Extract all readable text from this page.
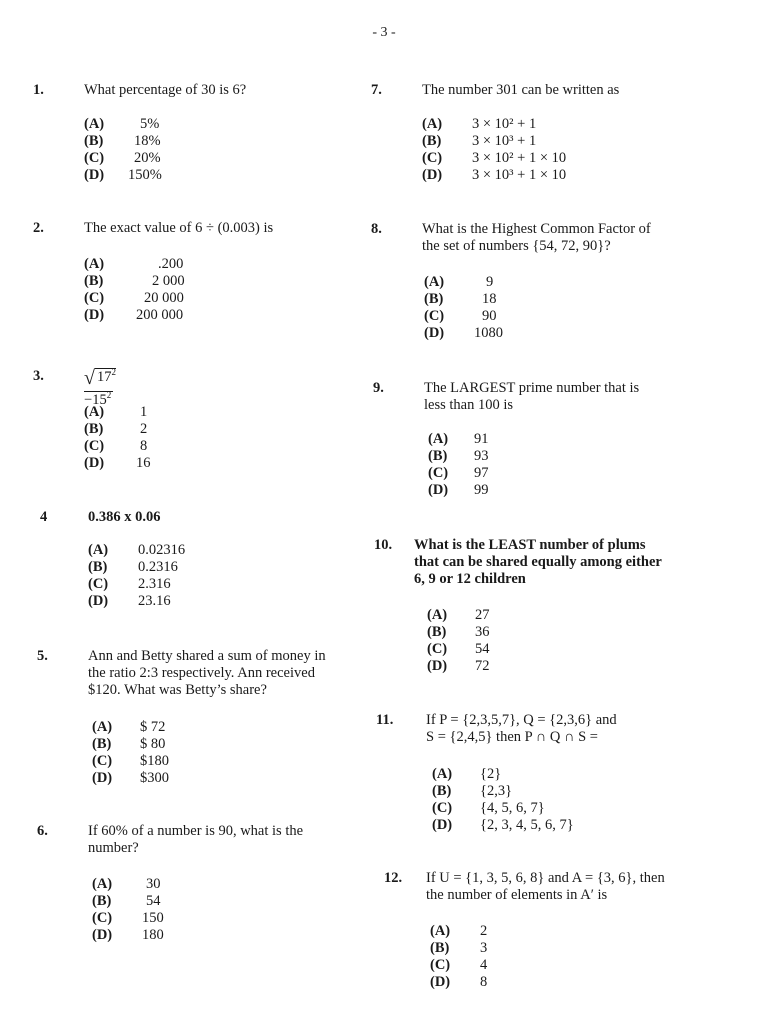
- 3 -
1.	What percentage of 30 is 6?
(A) 5%
(B) 18%
(C) 20%
(D) 150%
2.	The exact value of 6 ÷ (0.003) is
(A)	.200
(B)	2 000
(C)	20 000
(D) 200 000
3. √ $17^2 -15^2$
(A) 1
(B)	2
(C) 8
(D) 16
4	0.386 x 0.06
(A) 0.02316
(B) 0.2316
(C) 2.316
(D) 23.16
5.	Ann and Betty shared a sum of money in
the ratio 2:3 respectively. Ann received
$120. What was Betty’s share?
(A) $ 72
(B) $ 80
(C) $180
(D) $300
6.	If 60% of a number is 90, what is the
number?
(A) 30
(B) 54
(C) 150
(D) 180
7.	The number 301 can be written as
(A) 3 × 10² + 1
(B) 3 × 10³ + 1
(C) 3 × 10² + 1 × 10
(D) 3 × 10³ + 1 × 10
8.	What is the Highest Common Factor of
the set of numbers {54, 72, 90}?
(A)	9
(B)	18
(C)	90
(D) 1080
9.	The LARGEST prime number that is
less than 100 is
(A) 91
(B) 93
(C) 97
(D) 99
10. What is the LEAST number of plums
that can be shared equally among either
6, 9 or 12 children
(A) 27
(B) 36
(C) 54
(D) 72
11. If P = {2,3,5,7}, Q = {2,3,6} and
S = {2,4,5} then P ∩ Q ∩ S =
(A) {2}
(B) {2,3}
(C) {4, 5, 6, 7}
(D) {2, 3, 4, 5, 6, 7}
12. If U = {1, 3, 5, 6, 8} and A = {3, 6}, then
the number of elements in A′ is
(A) 2
(B) 3
(C) 4
(D) 8
